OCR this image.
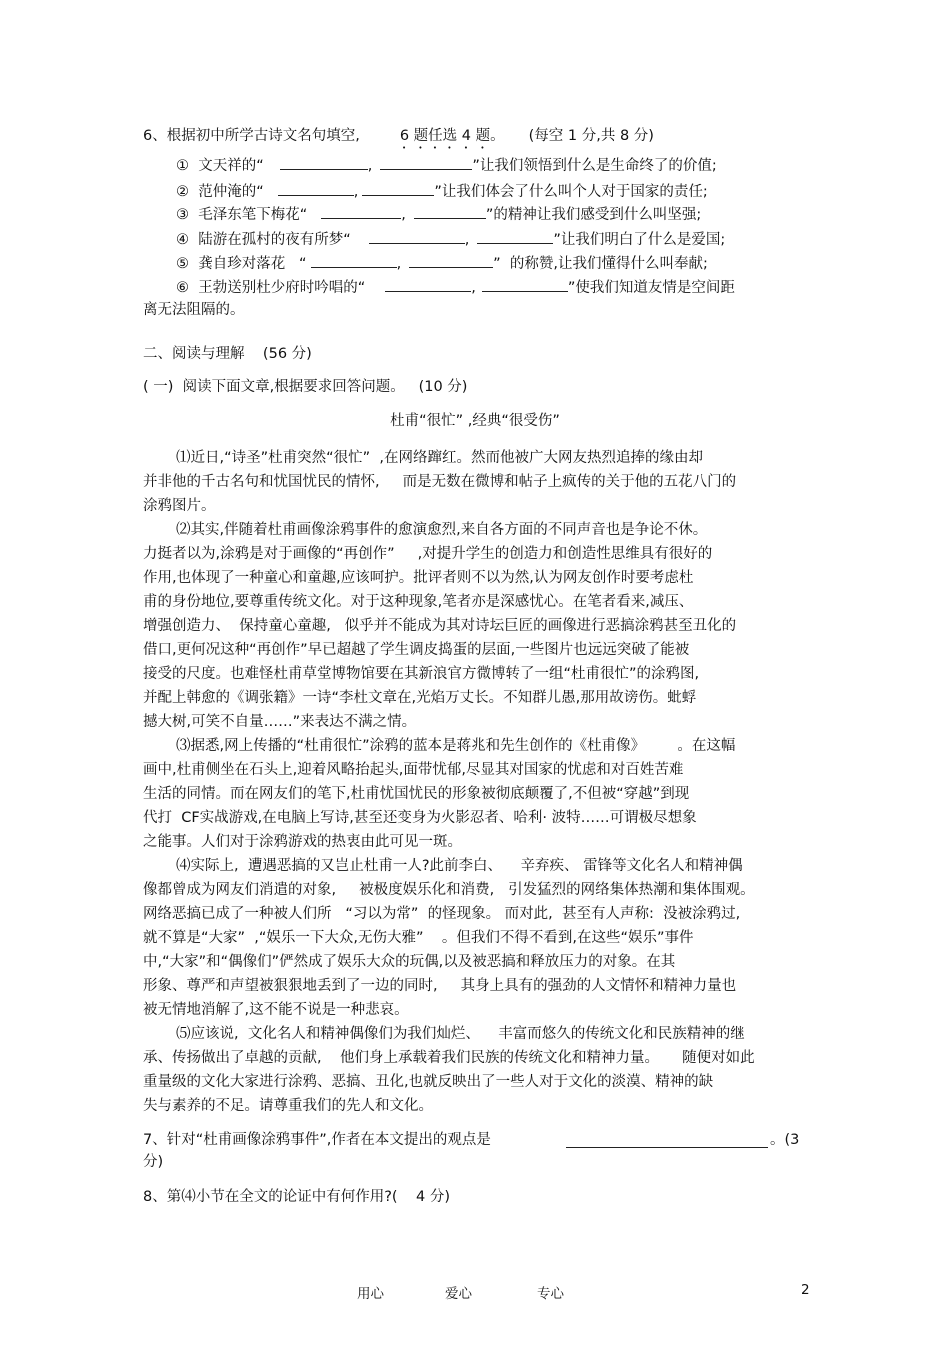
6、根据初中所学古诗文名句填空,	6 题任选 4 题。 (每空 1 分,共 8 分)
①  文天祥的“	,	”让我们领悟到什么是生命终了的价值;
②  范仲淹的“	,	”让我们体会了什么叫个人对于国家的责任;
③  毛泽东笔下梅花“	,	”的精神让我们感受到什么叫坚强;
④  陆游在孤村的夜有所梦“	,	”让我们明白了什么是爱国;
⑤  龚自珍对落花   “	,	”  的称赞,让我们懂得什么叫奉献;
⑥  王勃送别杜少府时吟唱的“	,	”使我们知道友情是空间距
离无法阻隔的。
二、阅读与理解    (56 分)
( 一)  阅读下面文章,根据要求回答问题。   (10 分)
杜甫“很忙” ,经典“很受伤”
⑴近日,“诗圣”杜甫突然“很忙”  ,在网络蹿红。然而他被广大网友热烈追捧的缘由却
并非他的千古名句和忧国忧民的情怀,     而是无数在微博和帖子上疯传的关于他的五花八门的
涂鸦图片。
⑵其实,伴随着杜甫画像涂鸦事件的愈演愈烈,来自各方面的不同声音也是争论不休。
力挺者以为,涂鸦是对于画像的“再创作”     ,对提升学生的创造力和创造性思维具有很好的
作用,也体现了一种童心和童趣,应该呵护。批评者则不以为然,认为网友创作时要考虑杜
甫的身份地位,要尊重传统文化。对于这种现象,笔者亦是深感忧心。在笔者看来,减压、
增强创造力、  保持童心童趣,   似乎并不能成为其对诗坛巨匠的画像进行恶搞涂鸦甚至丑化的
借口,更何况这种“再创作”早已超越了学生调皮捣蛋的层面,一些图片也远远突破了能被
接受的尺度。也难怪杜甫草堂博物馆要在其新浪官方微博转了一组“杜甫很忙”的涂鸦图,
并配上韩愈的《调张籍》一诗“李杜文章在,光焰万丈长。不知群儿愚,那用故谤伤。蚍蜉
撼大树,可笑不自量……”来表达不满之情。
⑶据悉,网上传播的“杜甫很忙”涂鸦的蓝本是蒋兆和先生创作的《杜甫像》       。在这幅
画中,杜甫侧坐在石头上,迎着风略抬起头,面带忧郁,尽显其对国家的忧虑和对百姓苦难
生活的同情。而在网友们的笔下,杜甫忧国忧民的形象被彻底颠覆了,不但被“穿越”到现
代打  CF实战游戏,在电脑上写诗,甚至还变身为火影忍者、哈利· 波特……可谓极尽想象
之能事。人们对于涂鸦游戏的热衷由此可见一斑。
⑷实际上,  遭遇恶搞的又岂止杜甫一人?此前李白、    辛弃疾、 雷锋等文化名人和精神偶
像都曾成为网友们消遣的对象,     被极度娱乐化和消费,   引发猛烈的网络集体热潮和集体围观。
网络恶搞已成了一种被人们所   “习以为常”  的怪现象。 而对此,  甚至有人声称:  没被涂鸦过,
就不算是“大家”  ,“娱乐一下大众,无伤大雅”    。但我们不得不看到,在这些“娱乐”事件
中,“大家”和“偶像们”俨然成了娱乐大众的玩偶,以及被恶搞和释放压力的对象。在其
形象、尊严和声望被狠狠地丢到了一边的同时,     其身上具有的强劲的人文情怀和精神力量也
被无情地消解了,这不能不说是一种悲哀。
⑸应该说,  文化名人和精神偶像们为我们灿烂、    丰富而悠久的传统文化和民族精神的继
承、传扬做出了卓越的贡献,    他们身上承载着我们民族的传统文化和精神力量。     随便对如此
重量级的文化大家进行涂鸦、恶搞、丑化,也就反映出了一些人对于文化的淡漠、精神的缺
失与素养的不足。请尊重我们的先人和文化。
7、针对“杜甫画像涂鸦事件”,作者在本文提出的观点是	。(3
分)
8、第⑷小节在全文的论证中有何作用?(    4 分)
用心	爱心	专心	2
